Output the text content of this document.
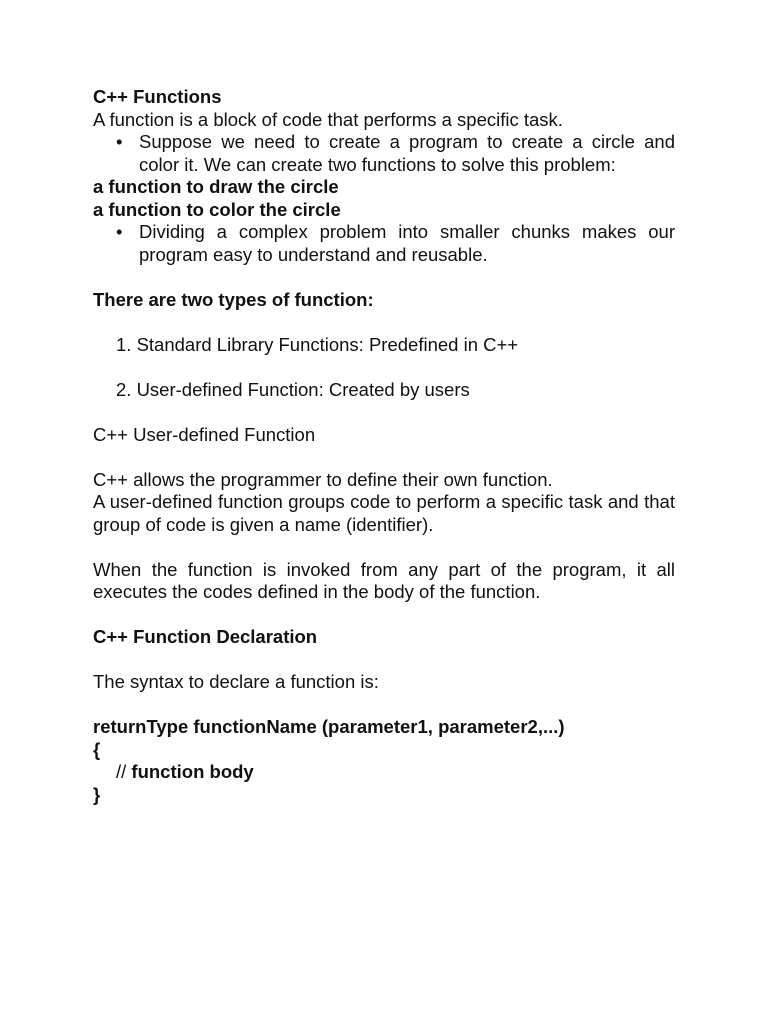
C++ Functions

A function is a block of code that performs a specific task.

• Suppose we need to create a program to create a circle and color it. We can create two functions to solve this problem:

a function to draw the circle

a function to color the circle

• Dividing a complex problem into smaller chunks makes our program easy to understand and reusable.

There are two types of function:

1. Standard Library Functions: Predefined in C++

2. User-defined Function: Created by users

C++ User-defined Function

C++ allows the programmer to define their own function.

A user-defined function groups code to perform a specific task and that group of code is given a name (identifier).

When the function is invoked from any part of the program, it all executes the codes defined in the body of the function.

C++ Function Declaration

The syntax to declare a function is:

returnType functionName (parameter1, parameter2,...)

{

// function body

}
